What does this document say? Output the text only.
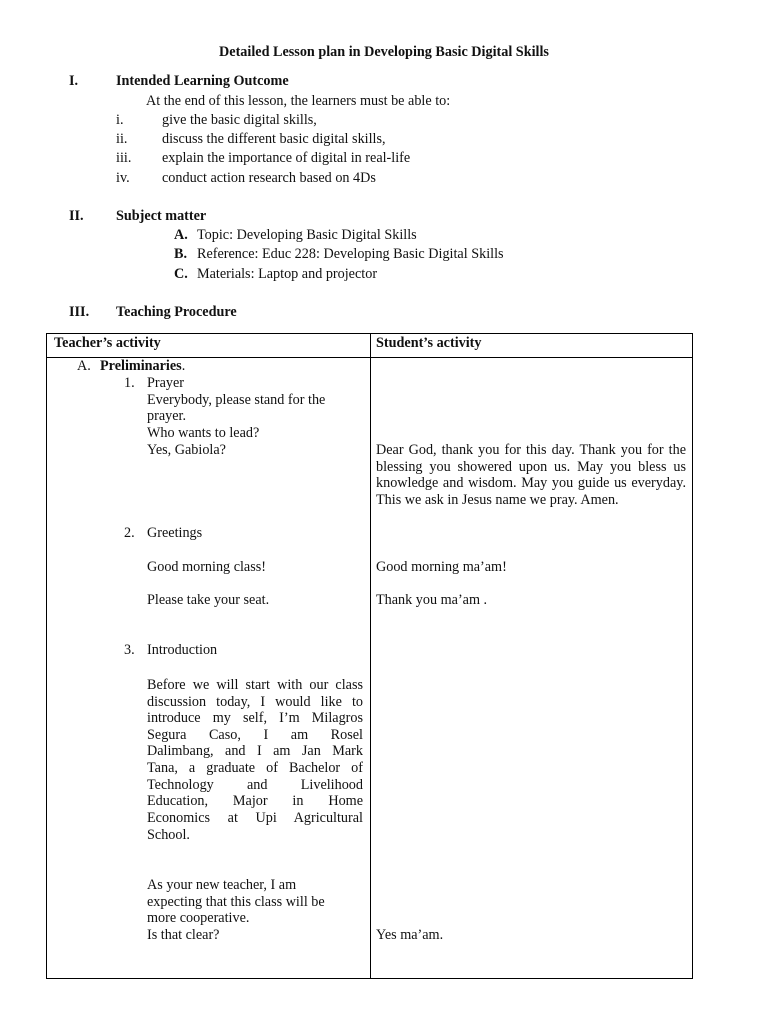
Detailed Lesson plan in Developing Basic Digital Skills
I.	Intended Learning Outcome
At the end of this lesson, the learners must be able to:
i.	give the basic digital skills,
ii. discuss the different basic digital skills,
iii. explain the importance of digital in real-life
iv. conduct action research based on 4Ds
II. Subject matter
A. Topic: Developing Basic Digital Skills
B. Reference: Educ 228: Developing Basic Digital Skills
C. Materials: Laptop and projector
III. Teaching Procedure
Teacher’s activity	Student’s activity
A. Preliminaries.
1. Prayer
Everybody, please stand for the
prayer.
Who wants to lead?
Yes, Gabiola?	Dear God, thank you for this day. Thank you for the blessing you showered upon us. May you bless us knowledge and wisdom. May you guide us everyday. This we ask in Jesus name we pray. Amen.
2. Greetings
Good morning class!	Good morning ma’am!
Please take your seat.	Thank you ma’am .
3. Introduction
Before we will start with our class
discussion today, I would like to
introduce my self, I’m Milagros
Segura Caso, I am Rosel
Dalimbang, and I am Jan Mark
Tana, a graduate of Bachelor of
Technology and Livelihood
Education, Major in Home
Economics at Upi Agricultural
School.
As your new teacher, I am
expecting that this class will be
more cooperative.
Is that clear?	Yes ma’am.
